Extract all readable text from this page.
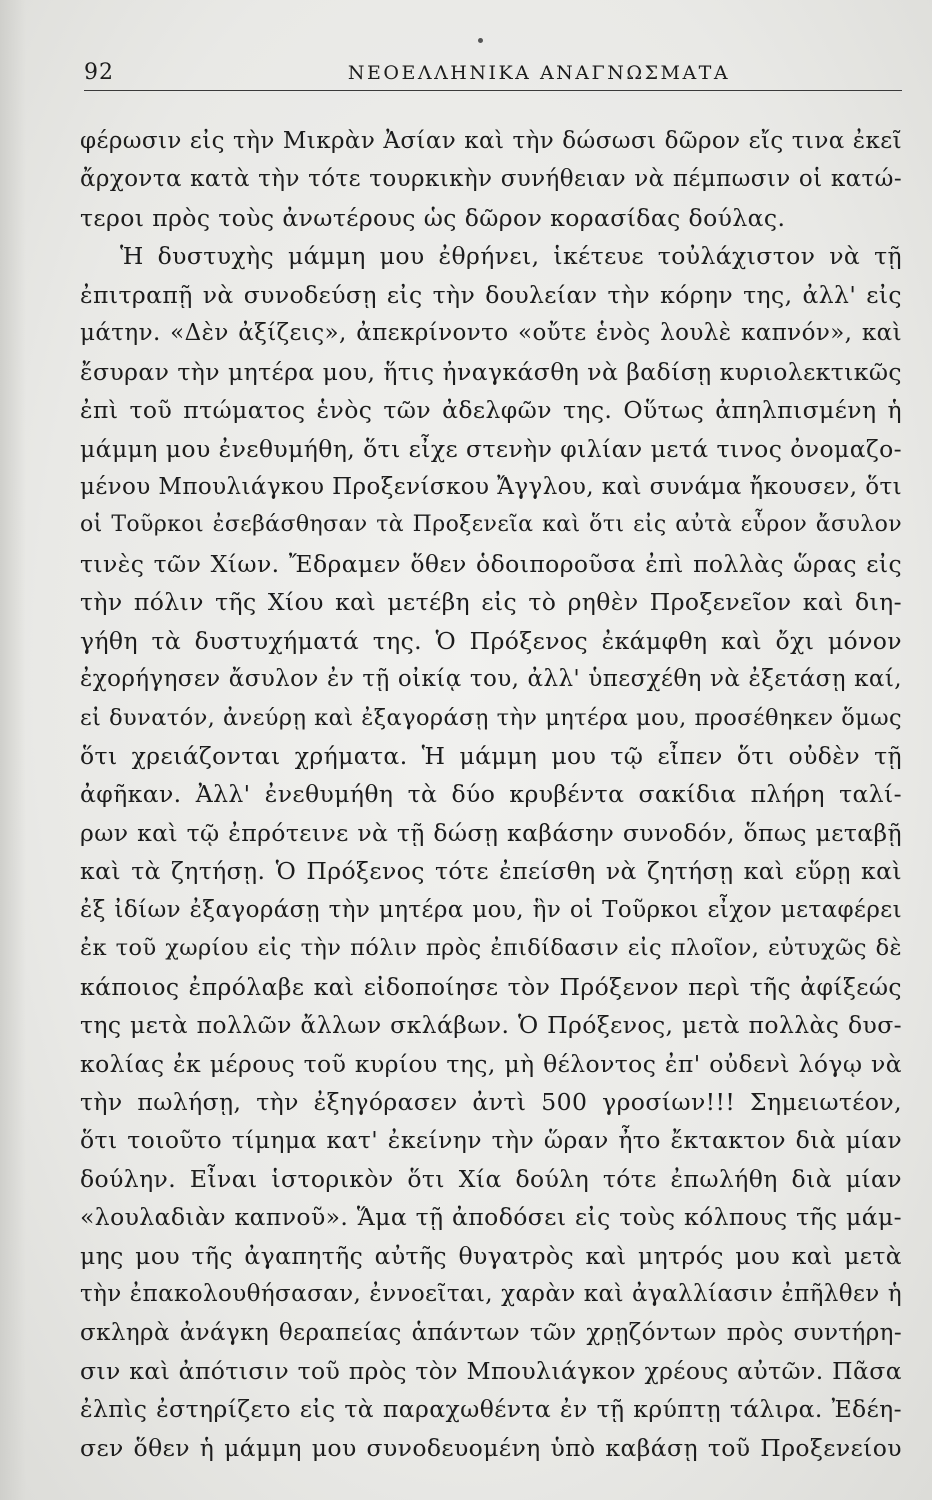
92	ΝΕΟΕΛΛΗΝΙΚΑ ΑΝΑΓΝΩΣΜΑΤΑ
φέρωσιν εἰς τὴν Μικρὰν Ἀσίαν καὶ τὴν δώσωσι δῶρον εἴς τινα ἐκεῖ
ἄρχοντα κατὰ τὴν τότε τουρκικὴν συνήθειαν νὰ πέμπωσιν οἱ κατώ-
τεροι πρὸς τοὺς ἀνωτέρους ὡς δῶρον κορασίδας δούλας.
Ἡ δυστυχὴς μάμμη μου ἐθρήνει, ἱκέτευε τοὐλάχιστον νὰ τῇ
ἐπιτραπῇ νὰ συνοδεύσῃ εἰς τὴν δουλείαν τὴν κόρην της, ἀλλ' εἰς
μάτην. «Δὲν ἀξίζεις», ἀπεκρίνοντο «οὔτε ἑνὸς λουλὲ καπνόν», καὶ
ἔσυραν τὴν μητέρα μου, ἥτις ἠναγκάσθη νὰ βαδίσῃ κυριολεκτικῶς
ἐπὶ τοῦ πτώματος ἑνὸς τῶν ἀδελφῶν της. Οὕτως ἀπηλπισμένη ἡ
μάμμη μου ἐνεθυμήθη, ὅτι εἶχε στενὴν φιλίαν μετά τινος ὀνομαζο-
μένου Μπουλιάγκου Προξενίσκου Ἄγγλου, καὶ συνάμα ἤκουσεν, ὅτι
οἱ Τοῦρκοι ἐσεβάσθησαν τὰ Προξενεῖα καὶ ὅτι εἰς αὐτὰ εὗρον ἄσυλον
τινὲς τῶν Χίων. Ἔδραμεν ὅθεν ὁδοιποροῦσα ἐπὶ πολλὰς ὥρας εἰς
τὴν πόλιν τῆς Χίου καὶ μετέβη εἰς τὸ ρηθὲν Προξενεῖον καὶ διη-
γήθη τὰ δυστυχήματά της. Ὁ Πρόξενος ἐκάμφθη καὶ ὄχι μόνον
ἐχορήγησεν ἄσυλον ἐν τῇ οἰκίᾳ του, ἀλλ' ὑπεσχέθη νὰ ἐξετάσῃ καί,
εἰ δυνατόν, ἀνεύρῃ καὶ ἐξαγοράσῃ τὴν μητέρα μου, προσέθηκεν ὅμως
ὅτι χρειάζονται χρήματα. Ἡ μάμμη μου τῷ εἶπεν ὅτι οὐδὲν τῇ
ἀφῆκαν. Ἀλλ' ἐνεθυμήθη τὰ δύο κρυβέντα σακίδια πλήρη ταλί-
ρων καὶ τῷ ἐπρότεινε νὰ τῇ δώσῃ καβάσην συνοδόν, ὅπως μεταβῇ
καὶ τὰ ζητήσῃ. Ὁ Πρόξενος τότε ἐπείσθη νὰ ζητήσῃ καὶ εὕρῃ καὶ
ἐξ ἰδίων ἐξαγοράσῃ τὴν μητέρα μου, ἣν οἱ Τοῦρκοι εἶχον μεταφέρει
ἐκ τοῦ χωρίου εἰς τὴν πόλιν πρὸς ἐπιδίδασιν εἰς πλοῖον, εὐτυχῶς δὲ
κάποιος ἐπρόλαβε καὶ εἰδοποίησε τὸν Πρόξενον περὶ τῆς ἀφίξεώς
της μετὰ πολλῶν ἄλλων σκλάβων. Ὁ Πρόξενος, μετὰ πολλὰς δυσ-
κολίας ἐκ μέρους τοῦ κυρίου της, μὴ θέλοντος ἐπ' οὐδενὶ λόγῳ νὰ
τὴν πωλήσῃ, τὴν ἐξηγόρασεν ἀντὶ 500 γροσίων!!! Σημειωτέον,
ὅτι τοιοῦτο τίμημα κατ' ἐκείνην τὴν ὥραν ἦτο ἔκτακτον διὰ μίαν
δούλην. Εἶναι ἱστορικὸν ὅτι Χία δούλη τότε ἐπωλήθη διὰ μίαν
«λουλαδιὰν καπνοῦ». Ἅμα τῇ ἀποδόσει εἰς τοὺς κόλπους τῆς μάμ-
μης μου τῆς ἀγαπητῆς αὐτῆς θυγατρὸς καὶ μητρός μου καὶ μετὰ
τὴν ἐπακολουθήσασαν, ἐννοεῖται, χαρὰν καὶ ἀγαλλίασιν ἐπῆλθεν ἡ
σκληρὰ ἀνάγκη θεραπείας ἁπάντων τῶν χρῃζόντων πρὸς συντήρη-
σιν καὶ ἀπότισιν τοῦ πρὸς τὸν Μπουλιάγκον χρέους αὐτῶν. Πᾶσα
ἐλπὶς ἐστηρίζετο εἰς τὰ παραχωθέντα ἐν τῇ κρύπτῃ τάλιρα. Ἐδέη-
σεν ὅθεν ἡ μάμμη μου συνοδευομένη ὑπὸ καβάσῃ τοῦ Προξενείου
